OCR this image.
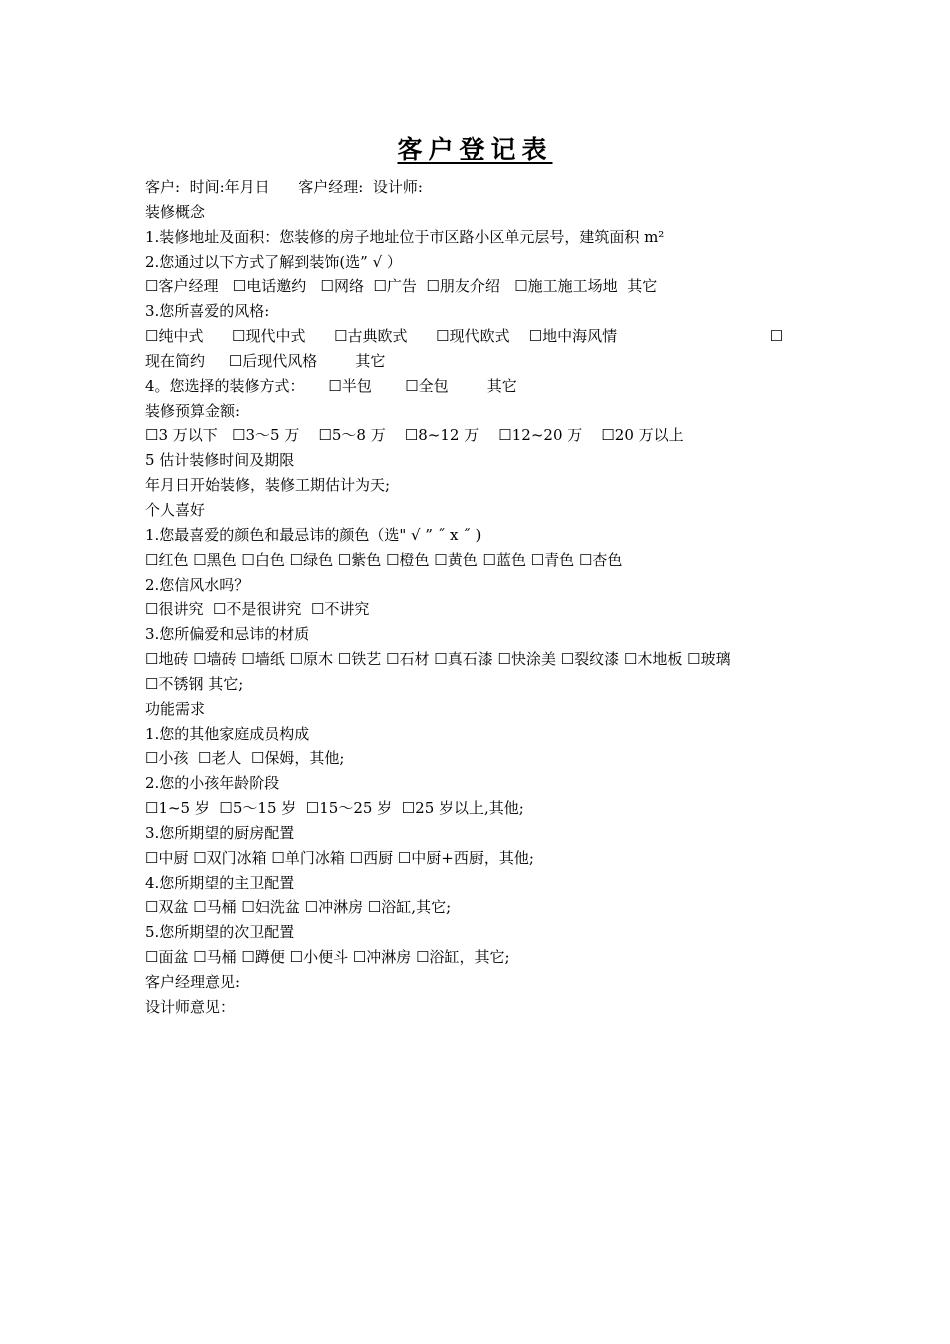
客户登记表
客户:  时间:年月日      客户经理:  设计师:
装修概念
1.装修地址及面积：您装修的房子地址位于市区路小区单元层号，建筑面积 m²
2.您通过以下方式了解到装饰(选” √ ）
☐客户经理   ☐电话邀约   ☐网络  ☐广告  ☐朋友介绍   ☐施工施工场地  其它
3.您所喜爱的风格:
☐纯中式      ☐现代中式      ☐古典欧式      ☐现代欧式    ☐地中海风情                                ☐
现在简约     ☐后现代风格        其它
4。您选择的装修方式：     ☐半包       ☐全包        其它
装修预算金额:
☐3 万以下   ☐3～5 万    ☐5～8 万    ☐8~12 万    ☐12~20 万    ☐20 万以上
5 估计装修时间及期限
年月日开始装修，装修工期估计为天;
个人喜好
1.您最喜爱的颜色和最忌讳的颜色（选" √ ” ˝ x ˝ )
☐红色 ☐黑色 ☐白色 ☐绿色 ☐紫色 ☐橙色 ☐黄色 ☐蓝色 ☐青色 ☐杏色
2.您信风水吗？
☐很讲究  ☐不是很讲究  ☐不讲究
3.您所偏爱和忌讳的材质
☐地砖 ☐墙砖 ☐墙纸 ☐原木 ☐铁艺 ☐石材 ☐真石漆 ☐快涂美 ☐裂纹漆 ☐木地板 ☐玻璃
☐不锈钢 其它;
功能需求
1.您的其他家庭成员构成
☐小孩  ☐老人  ☐保姆，其他;
2.您的小孩年龄阶段
☐1~5 岁  ☐5～15 岁  ☐15～25 岁  ☐25 岁以上,其他;
3.您所期望的厨房配置
☐中厨 ☐双门冰箱 ☐单门冰箱 ☐西厨 ☐中厨+西厨，其他;
4.您所期望的主卫配置
☐双盆 ☐马桶 ☐妇洗盆 ☐冲淋房 ☐浴缸,其它;
5.您所期望的次卫配置
☐面盆 ☐马桶 ☐蹲便 ☐小便斗 ☐冲淋房 ☐浴缸，其它;
客户经理意见:
设计师意见：
